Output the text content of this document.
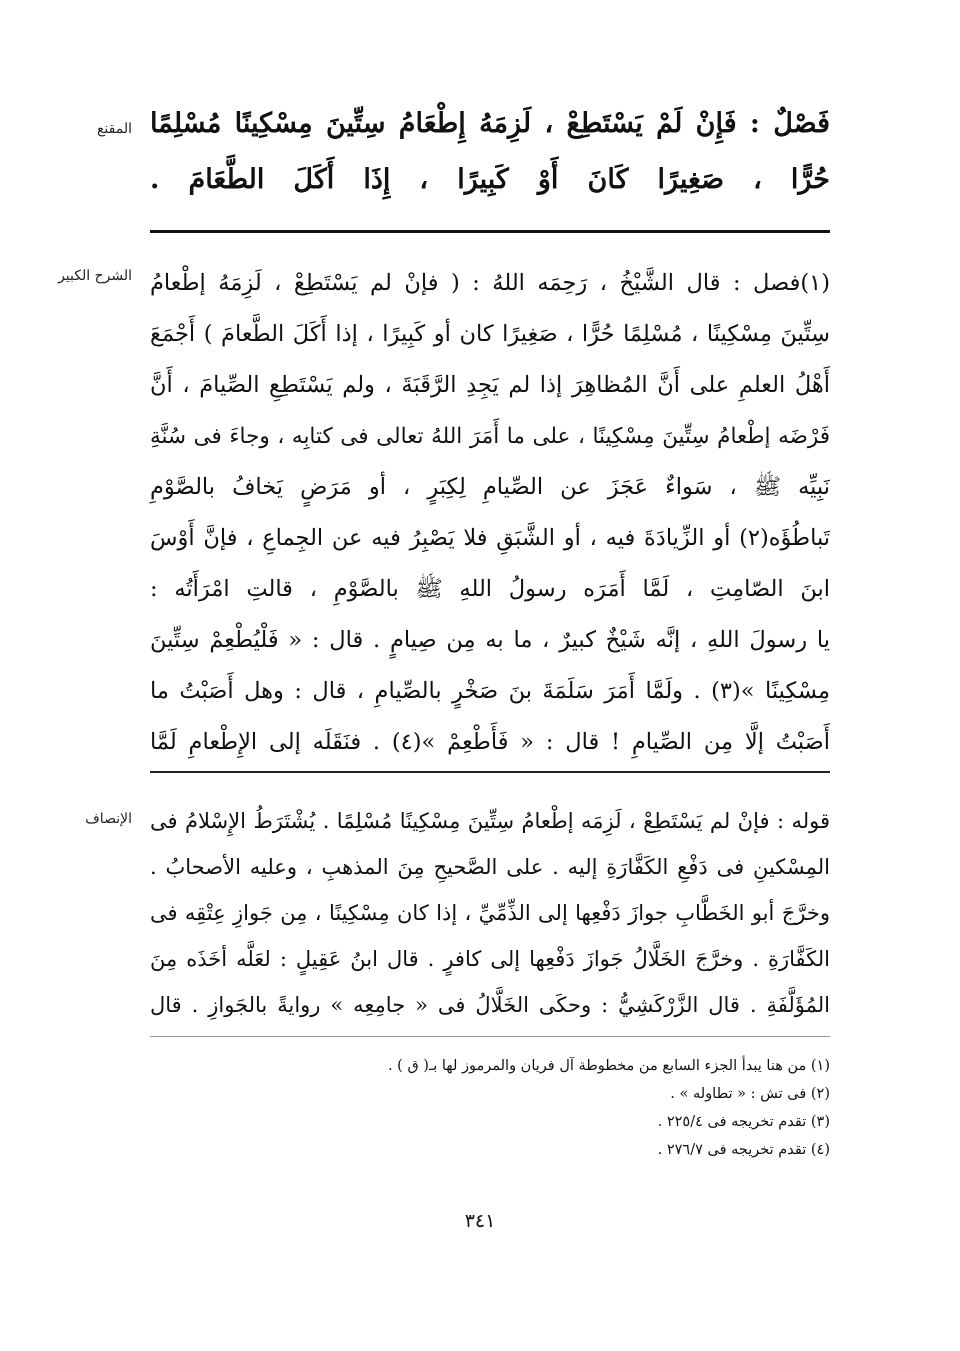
المقنع فَصْلٌ : فَإِنْ لَمْ يَسْتَطِعْ ، لَزِمَهُ إِطْعَامُ سِتِّينَ مِسْكِينًا مُسْلِمًا
حُرًّا ، صَغِيرًا كَانَ أَوْ كَبِيرًا ، إِذَا أَكَلَ الطَّعَامَ .
الشرح الكبير (١)فصل : قال الشَّيْخُ ، رَحِمَه اللهُ : ( فإنْ لم يَسْتَطِعْ ، لَزِمَهُ إطْعامُ
سِتِّينَ مِسْكِينًا ، مُسْلِمًا حُرًّا ، صَغِيرًا كان أو كَبِيرًا ، إذا أَكَلَ الطَّعامَ ) أَجْمَعَ
أَهْلُ العلمِ على أَنَّ المُظاهِرَ إذا لم يَجِدِ الرَّقَبَةَ ، ولم يَسْتَطِعِ الصِّيامَ ، أَنَّ
فَرْضَه إطْعامُ سِتِّينَ مِسْكِينًا ، على ما أَمَرَ اللهُ تعالى فى كتابِه ، وجاءَ فى سُنَّةِ
نَبِيِّه ﷺ ، سَواءٌ عَجَزَ عن الصِّيامِ لِكِبَرٍ ، أو مَرَضٍ يَخافُ بالصَّوْمِ
تَباطُؤَه(٢) أو الزِّيادَةَ فيه ، أو الشَّبَقِ فلا يَصْبِرُ فيه عن الجِماعِ ، فإنَّ أَوْسَ
ابنَ الصّامِتِ ، لَمَّا أَمَرَه رسولُ اللهِ ﷺ بالصَّوْمِ ، قالتِ امْرَأَتُه :
يا رسولَ اللهِ ، إنَّه شَيْخٌ كبيرٌ ، ما به مِن صِيامٍ . قال : « فَلْيُطْعِمْ سِتِّينَ
مِسْكِينًا »(٣) . ولَمَّا أَمَرَ سَلَمَةَ بنَ صَخْرٍ بالصِّيامِ ، قال : وهل أَصَبْتُ ما
أَصَبْتُ إلَّا مِن الصِّيامِ ! قال : « فَأَطْعِمْ »(٤) . فنَقَلَه إلى الإِطْعامِ لَمَّا
الإنصاف قوله : فإنْ لم يَسْتَطِعْ ، لَزِمَه إطْعامُ سِتِّينَ مِسْكِينًا مُسْلِمًا . يُشْتَرَطُ الإِسْلامُ فى
المِسْكينِ فى دَفْعِ الكَفَّارَةِ إليه . على الصَّحيحِ مِنَ المذهبِ ، وعليه الأصحابُ .
وخرَّجَ أبو الخَطَّابِ جوازَ دَفْعِها إلى الذِّمِّيِّ ، إذا كان مِسْكِينًا ، مِن جَوازِ عِتْقِه فى
الكَفَّارَةِ . وخرَّجَ الخَلَّالُ جَوازَ دَفْعِها إلى كافرٍ . قال ابنُ عَقِيلٍ : لعَلَّه أخَذَه مِنَ
المُؤَلَّفَةِ . قال الزَّرْكَشِيُّ : وحكَى الخَلَّالُ فى « جامِعِه » روايةً بالجَوازِ . قال
(١) من هنا يبدأ الجزء السابع من مخطوطة آل فريان والمرموز لها بـ( ق ) .
(٢) فى تش : « تطاوله » .
(٣) تقدم تخريجه فى ٢٢٥/٤ .
(٤) تقدم تخريجه فى ٢٧٦/٧ .
٣٤١
